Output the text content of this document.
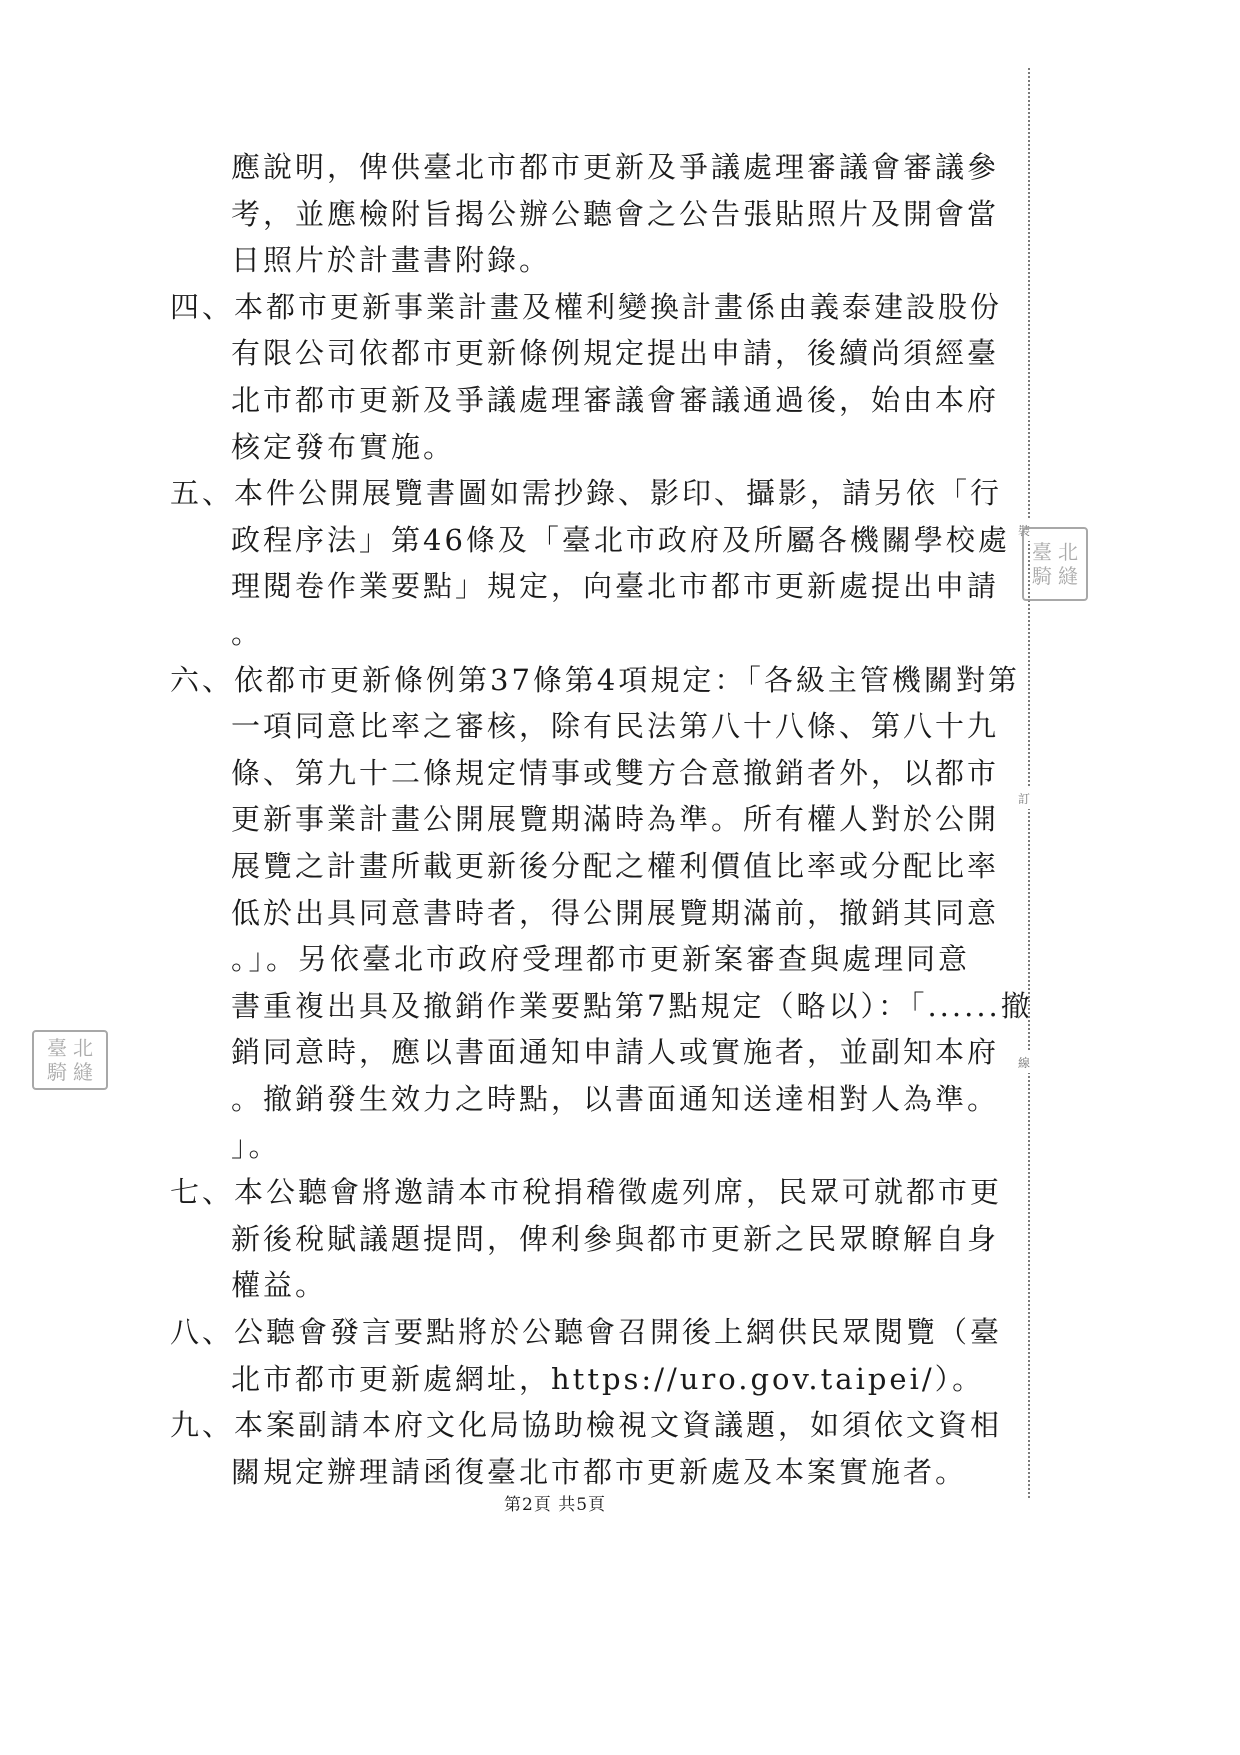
應說明，俾供臺北市都市更新及爭議處理審議會審議參
考，並應檢附旨揭公辦公聽會之公告張貼照片及開會當
日照片於計畫書附錄。
四、本都市更新事業計畫及權利變換計畫係由義泰建設股份
有限公司依都市更新條例規定提出申請，後續尚須經臺
北市都市更新及爭議處理審議會審議通過後，始由本府
核定發布實施。
五、本件公開展覽書圖如需抄錄、影印、攝影，請另依「行
政程序法」第46條及「臺北市政府及所屬各機關學校處
理閱卷作業要點」規定，向臺北市都市更新處提出申請
。
六、依都市更新條例第37條第4項規定：「各級主管機關對第
一項同意比率之審核，除有民法第八十八條、第八十九
條、第九十二條規定情事或雙方合意撤銷者外，以都市
更新事業計畫公開展覽期滿時為準。所有權人對於公開
展覽之計畫所載更新後分配之權利價值比率或分配比率
低於出具同意書時者，得公開展覽期滿前，撤銷其同意
。」。另依臺北市政府受理都市更新案審查與處理同意
書重複出具及撤銷作業要點第7點規定（略以）：「......撤
銷同意時，應以書面通知申請人或實施者，並副知本府
。撤銷發生效力之時點，以書面通知送達相對人為準。
」。
七、本公聽會將邀請本市稅捐稽徵處列席，民眾可就都市更
新後稅賦議題提問，俾利參與都市更新之民眾瞭解自身
權益。
八、公聽會發言要點將於公聽會召開後上網供民眾閱覽（臺
北市都市更新處網址，https://uro.gov.taipei/）。
九、本案副請本府文化局協助檢視文資議題，如須依文資相
關規定辦理請函復臺北市都市更新處及本案實施者。
裝
訂
線
臺 北
騎 縫
臺 北
騎 縫
第2頁 共5頁
